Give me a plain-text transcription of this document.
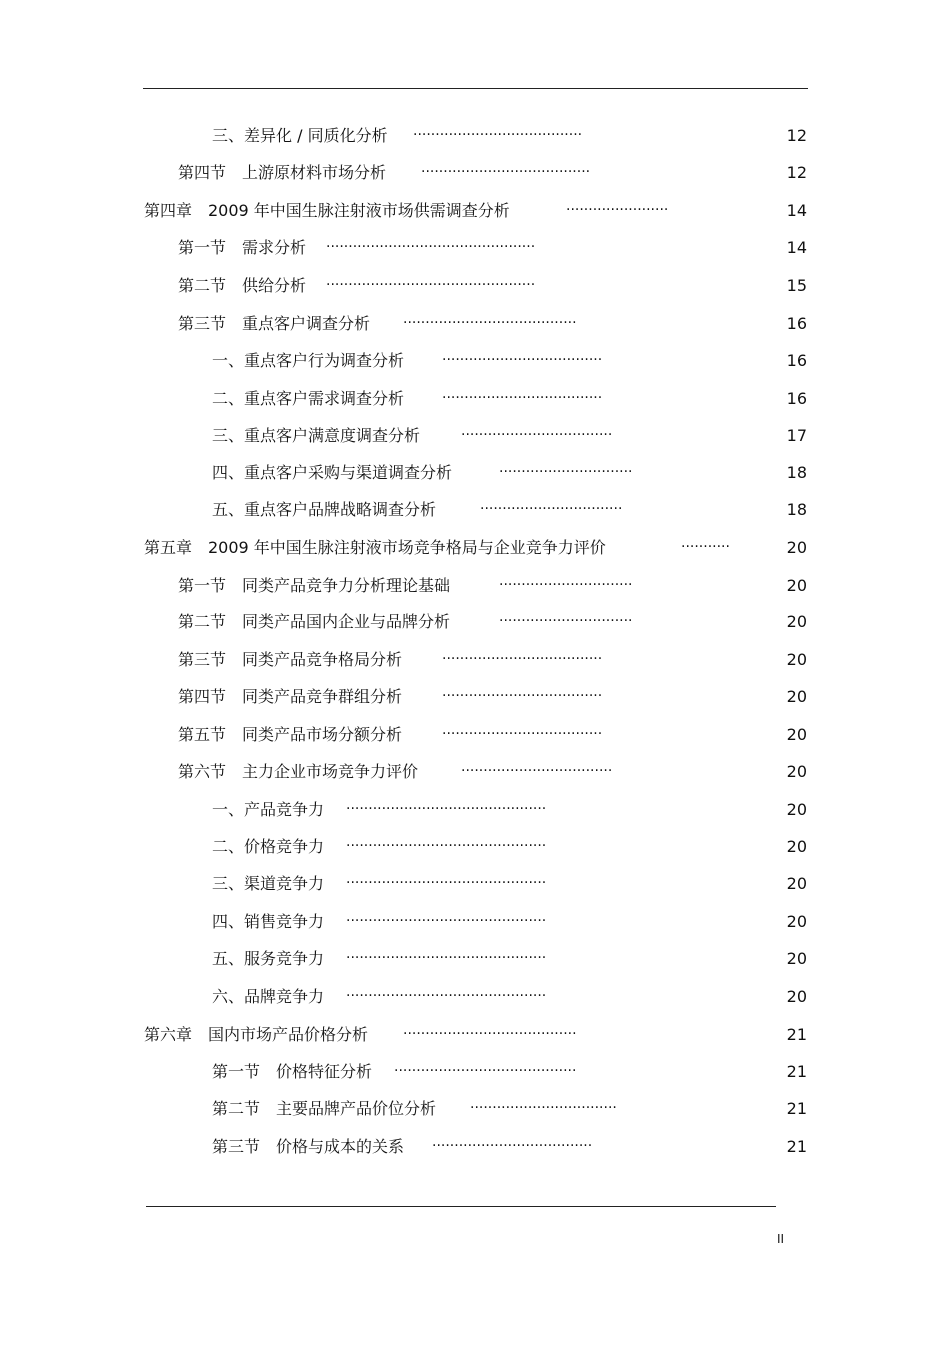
三、差异化 / 同质化分析 ......................................	12
第四节　上游原材料市场分析 ......................................	12
第四章　2009 年中国生脉注射液市场供需调查分析	.......................	14
第一节　需求分析 ...............................................	14
第二节　供给分析 ...............................................	15
第三节　重点客户调查分析 .......................................	16
一、重点客户行为调查分析	....................................	16
二、重点客户需求调查分析	....................................	16
三、重点客户满意度调查分析	..................................	17
四、重点客户采购与渠道调查分析	..............................	18
五、重点客户品牌战略调查分析	................................	18
第五章　2009 年中国生脉注射液市场竞争格局与企业竞争力评价	...........	20
第一节　同类产品竞争力分析理论基础	..............................	20
第二节　同类产品国内企业与品牌分析	..............................	20
第三节　同类产品竞争格局分析	....................................	20
第四节　同类产品竞争群组分析	....................................	20
第五节　同类产品市场分额分析	....................................	20
第六节　主力企业市场竞争力评价	..................................	20
一、产品竞争力 .............................................	20
二、价格竞争力 .............................................	20
三、渠道竞争力 .............................................	20
四、销售竞争力 .............................................	20
五、服务竞争力 .............................................	20
六、品牌竞争力 .............................................	20
第六章　国内市场产品价格分析 .......................................	21
第一节　价格特征分析 .........................................	21
第二节　主要品牌产品价位分析 .................................	21
第三节　价格与成本的关系 ....................................	21
II
